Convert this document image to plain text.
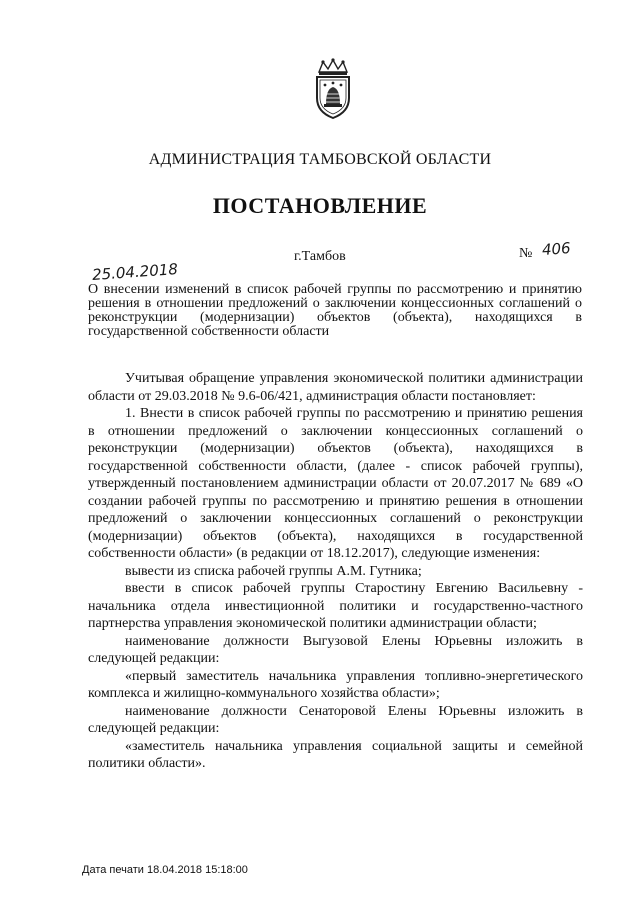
АДМИНИСТРАЦИЯ ТАМБОВСКОЙ ОБЛАСТИ
ПОСТАНОВЛЕНИЕ
25.04.2018
г.Тамбов	№ 406
О внесении изменений в список рабочей группы по рассмотрению и принятию решения в отношении предложений о заключении концессионных соглашений о реконструкции (модернизации) объектов (объекта), находящихся в государственной собственности области

Учитывая обращение управления экономической политики администрации области от 29.03.2018 № 9.6-06/421, администрация области постановляет:

1. Внести в список рабочей группы по рассмотрению и принятию решения в отношении предложений о заключении концессионных соглашений о реконструкции (модернизации) объектов (объекта), находящихся в государственной собственности области, (далее - список рабочей группы), утвержденный постановлением администрации области от 20.07.2017 № 689 «О создании рабочей группы по рассмотрению и принятию решения в отношении предложений о заключении концессионных соглашений о реконструкции (модернизации) объектов (объекта), находящихся в государственной собственности области» (в редакции от 18.12.2017), следующие изменения:

вывести из списка рабочей группы А.М. Гутника;

ввести в список рабочей группы Старостину Евгению Васильевну - начальника отдела инвестиционной политики и государственно-частного партнерства управления экономической политики администрации области;

наименование должности Выгузовой Елены Юрьевны изложить в следующей редакции:

«первый заместитель начальника управления топливно-энергетического комплекса и жилищно-коммунального хозяйства области»;

наименование должности Сенаторовой Елены Юрьевны изложить в следующей редакции:

«заместитель начальника управления социальной защиты и семейной политики области».

Дата печати 18.04.2018 15:18:00
